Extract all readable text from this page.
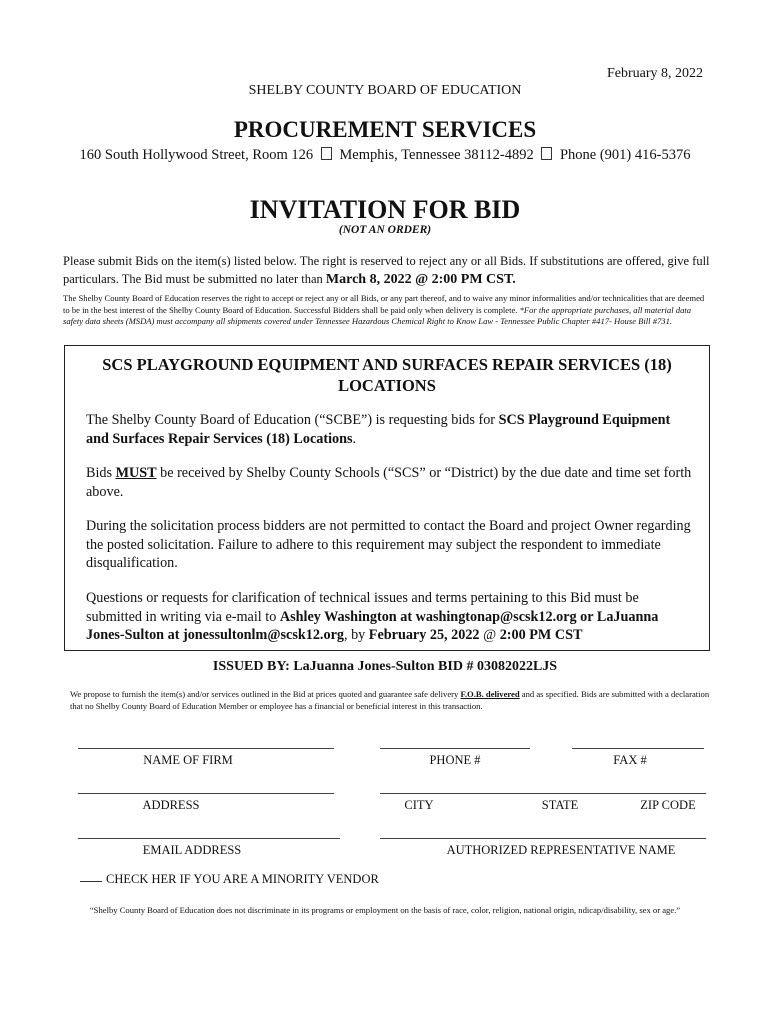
February 8, 2022
SHELBY COUNTY BOARD OF EDUCATION
PROCUREMENT SERVICES
160 South Hollywood Street, Room 126 Memphis, Tennessee 38112-4892 Phone (901) 416-5376
INVITATION FOR BID
(NOT AN ORDER)
Please submit Bids on the item(s) listed below. The right is reserved to reject any or all Bids. If substitutions are offered, give full particulars. The Bid must be submitted no later than March 8, 2022 @ 2:00 PM CST.
The Shelby County Board of Education reserves the right to accept or reject any or all Bids, or any part thereof, and to waive any minor informalities and/or technicalities that are deemed to be in the best interest of the Shelby County Board of Education. Successful Bidders shall be paid only when delivery is complete. *For the appropriate purchases, all material data safety data sheets (MSDA) must accompany all shipments covered under Tennessee Hazardous Chemical Right to Know Law - Tennessee Public Chapter #417- House Bill #731.
SCS PLAYGROUND EQUIPMENT AND SURFACES REPAIR SERVICES (18)
LOCATIONS
The Shelby County Board of Education (“SCBE”) is requesting bids for SCS Playground Equipment and Surfaces Repair Services (18) Locations.
Bids MUST be received by Shelby County Schools (“SCS” or “District) by the due date and time set forth above.
During the solicitation process bidders are not permitted to contact the Board and project Owner regarding the posted solicitation. Failure to adhere to this requirement may subject the respondent to immediate disqualification.
Questions or requests for clarification of technical issues and terms pertaining to this Bid must be submitted in writing via e-mail to Ashley Washington at washingtonap@scsk12.org or LaJuanna Jones-Sulton at jonessultonlm@scsk12.org, by February 25, 2022 @ 2:00 PM CST
ISSUED BY: LaJuanna Jones-Sulton BID # 03082022LJS
We propose to furnish the item(s) and/or services outlined in the Bid at prices quoted and guarantee safe delivery F.O.B. delivered and as specified. Bids are submitted with a declaration that no Shelby County Board of Education Member or employee has a financial or beneficial interest in this transaction.
NAME OF FIRM	PHONE #	FAX #
ADDRESS	CITY	STATE	ZIP CODE
EMAIL ADDRESS	AUTHORIZED REPRESENTATIVE NAME
CHECK HER IF YOU ARE A MINORITY VENDOR
“Shelby County Board of Education does not discriminate in its programs or employment on the basis of race, color, religion, national origin, ndicap/disability, sex or age.”
